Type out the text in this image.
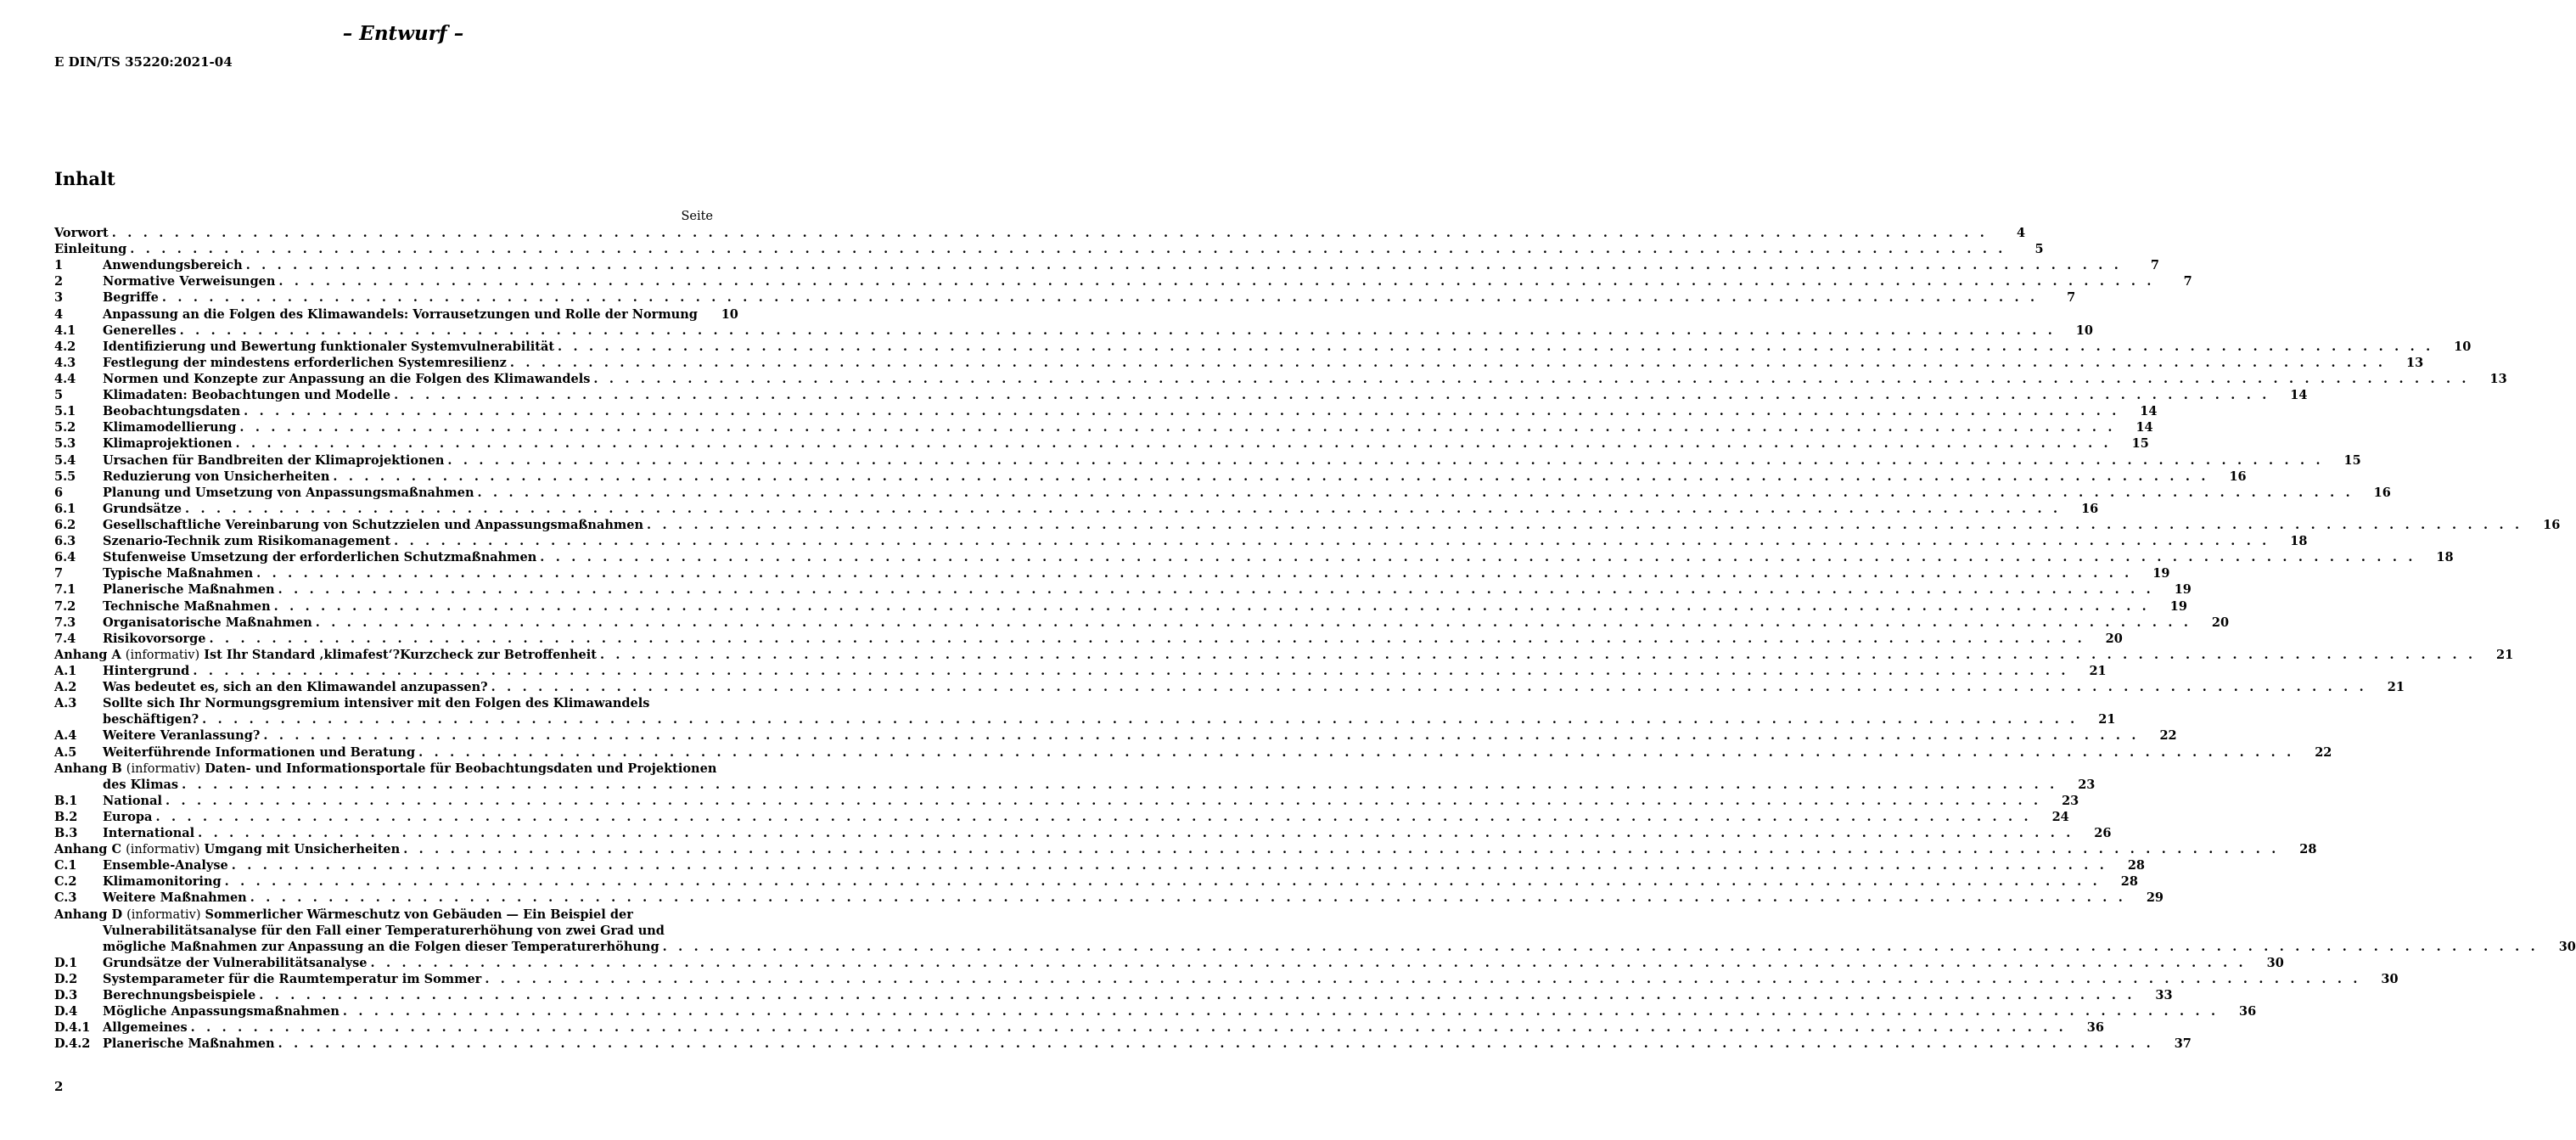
– Entwurf –
E DIN/TS 35220:2021-04
Inhalt
Seite
Vorwort . . . . . . . . . . . . . . . . . . . . . . . . . . . . . . . . . . . . . . . . . . . . . . . . . . . . . . . . . . . . . . . . . . . . . . . . . . . . . . . . . . . . . . . . . . . . . . . . . . . . . . . . . . . . . . . . . . . . . . . .	4
Einleitung . . . . . . . . . . . . . . . . . . . . . . . . . . . . . . . . . . . . . . . . . . . . . . . . . . . . . . . . . . . . . . . . . . . . . . . . . . . . . . . . . . . . . . . . . . . . . . . . . . . . . . . . . . . . . . . . . . . . . . . .	5
1	Anwendungsbereich . . . . . . . . . . . . . . . . . . . . . . . . . . . . . . . . . . . . . . . . . . . . . . . . . . . . . . . . . . . . . . . . . . . . . . . . . . . . . . . . . . . . . . . . . . . . . . . . . . . . . . . . . . . . . . . . . . . . . . . .	7
2	Normative Verweisungen . . . . . . . . . . . . . . . . . . . . . . . . . . . . . . . . . . . . . . . . . . . . . . . . . . . . . . . . . . . . . . . . . . . . . . . . . . . . . . . . . . . . . . . . . . . . . . . . . . . . . . . . . . . . . . . . . . . . . . . .	7
3	Begriffe . . . . . . . . . . . . . . . . . . . . . . . . . . . . . . . . . . . . . . . . . . . . . . . . . . . . . . . . . . . . . . . . . . . . . . . . . . . . . . . . . . . . . . . . . . . . . . . . . . . . . . . . . . . . . . . . . . . . . . . .	7
4	Anpassung an die Folgen des Klimawandels: Vorrausetzungen und Rolle der Normung	10
4.1	Generelles . . . . . . . . . . . . . . . . . . . . . . . . . . . . . . . . . . . . . . . . . . . . . . . . . . . . . . . . . . . . . . . . . . . . . . . . . . . . . . . . . . . . . . . . . . . . . . . . . . . . . . . . . . . . . . . . . . . . . . . .	10
4.2	Identifizierung und Bewertung funktionaler Systemvulnerabilität . . . . . . . . . . . . . . . . . . . . . . . . . . . . . . . . . . . . . . . . . . . . . . . . . . . . . . . . . . . . . . . . . . . . . . . . . . . . . . . . . . . . . . . . . . . . . . . . . . . . . . . . . . . . . . . . . . . . . . . .	10
4.3	Festlegung der mindestens erforderlichen Systemresilienz . . . . . . . . . . . . . . . . . . . . . . . . . . . . . . . . . . . . . . . . . . . . . . . . . . . . . . . . . . . . . . . . . . . . . . . . . . . . . . . . . . . . . . . . . . . . . . . . . . . . . . . . . . . . . . . . . . . . . . . .	13
4.4	Normen und Konzepte zur Anpassung an die Folgen des Klimawandels . . . . . . . . . . . . . . . . . . . . . . . . . . . . . . . . . . . . . . . . . . . . . . . . . . . . . . . . . . . . . . . . . . . . . . . . . . . . . . . . . . . . . . . . . . . . . . . . . . . . . . . . . . . . . . . . . . . . . . . .	13
5	Klimadaten: Beobachtungen und Modelle . . . . . . . . . . . . . . . . . . . . . . . . . . . . . . . . . . . . . . . . . . . . . . . . . . . . . . . . . . . . . . . . . . . . . . . . . . . . . . . . . . . . . . . . . . . . . . . . . . . . . . . . . . . . . . . . . . . . . . . .	14
5.1	Beobachtungsdaten . . . . . . . . . . . . . . . . . . . . . . . . . . . . . . . . . . . . . . . . . . . . . . . . . . . . . . . . . . . . . . . . . . . . . . . . . . . . . . . . . . . . . . . . . . . . . . . . . . . . . . . . . . . . . . . . . . . . . . . .	14
5.2	Klimamodellierung . . . . . . . . . . . . . . . . . . . . . . . . . . . . . . . . . . . . . . . . . . . . . . . . . . . . . . . . . . . . . . . . . . . . . . . . . . . . . . . . . . . . . . . . . . . . . . . . . . . . . . . . . . . . . . . . . . . . . . . .	14
5.3	Klimaprojektionen . . . . . . . . . . . . . . . . . . . . . . . . . . . . . . . . . . . . . . . . . . . . . . . . . . . . . . . . . . . . . . . . . . . . . . . . . . . . . . . . . . . . . . . . . . . . . . . . . . . . . . . . . . . . . . . . . . . . . . . .	15
5.4	Ursachen für Bandbreiten der Klimaprojektionen . . . . . . . . . . . . . . . . . . . . . . . . . . . . . . . . . . . . . . . . . . . . . . . . . . . . . . . . . . . . . . . . . . . . . . . . . . . . . . . . . . . . . . . . . . . . . . . . . . . . . . . . . . . . . . . . . . . . . . . .	15
5.5	Reduzierung von Unsicherheiten . . . . . . . . . . . . . . . . . . . . . . . . . . . . . . . . . . . . . . . . . . . . . . . . . . . . . . . . . . . . . . . . . . . . . . . . . . . . . . . . . . . . . . . . . . . . . . . . . . . . . . . . . . . . . . . . . . . . . . . .	16
6	Planung und Umsetzung von Anpassungsmaßnahmen . . . . . . . . . . . . . . . . . . . . . . . . . . . . . . . . . . . . . . . . . . . . . . . . . . . . . . . . . . . . . . . . . . . . . . . . . . . . . . . . . . . . . . . . . . . . . . . . . . . . . . . . . . . . . . . . . . . . . . . .	16
6.1	Grundsätze . . . . . . . . . . . . . . . . . . . . . . . . . . . . . . . . . . . . . . . . . . . . . . . . . . . . . . . . . . . . . . . . . . . . . . . . . . . . . . . . . . . . . . . . . . . . . . . . . . . . . . . . . . . . . . . . . . . . . . . .	16
6.2	Gesellschaftliche Vereinbarung von Schutzzielen und Anpassungsmaßnahmen . . . . . . . . . . . . . . . . . . . . . . . . . . . . . . . . . . . . . . . . . . . . . . . . . . . . . . . . . . . . . . . . . . . . . . . . . . . . . . . . . . . . . . . . . . . . . . . . . . . . . . . . . . . . . . . . . . . . . . . .	16
6.3	Szenario-Technik zum Risikomanagement . . . . . . . . . . . . . . . . . . . . . . . . . . . . . . . . . . . . . . . . . . . . . . . . . . . . . . . . . . . . . . . . . . . . . . . . . . . . . . . . . . . . . . . . . . . . . . . . . . . . . . . . . . . . . . . . . . . . . . . .	18
6.4	Stufenweise Umsetzung der erforderlichen Schutzmaßnahmen . . . . . . . . . . . . . . . . . . . . . . . . . . . . . . . . . . . . . . . . . . . . . . . . . . . . . . . . . . . . . . . . . . . . . . . . . . . . . . . . . . . . . . . . . . . . . . . . . . . . . . . . . . . . . . . . . . . . . . . .	18
7	Typische Maßnahmen . . . . . . . . . . . . . . . . . . . . . . . . . . . . . . . . . . . . . . . . . . . . . . . . . . . . . . . . . . . . . . . . . . . . . . . . . . . . . . . . . . . . . . . . . . . . . . . . . . . . . . . . . . . . . . . . . . . . . . . .	19
7.1	Planerische Maßnahmen . . . . . . . . . . . . . . . . . . . . . . . . . . . . . . . . . . . . . . . . . . . . . . . . . . . . . . . . . . . . . . . . . . . . . . . . . . . . . . . . . . . . . . . . . . . . . . . . . . . . . . . . . . . . . . . . . . . . . . . .	19
7.2	Technische Maßnahmen . . . . . . . . . . . . . . . . . . . . . . . . . . . . . . . . . . . . . . . . . . . . . . . . . . . . . . . . . . . . . . . . . . . . . . . . . . . . . . . . . . . . . . . . . . . . . . . . . . . . . . . . . . . . . . . . . . . . . . . .	19
7.3	Organisatorische Maßnahmen . . . . . . . . . . . . . . . . . . . . . . . . . . . . . . . . . . . . . . . . . . . . . . . . . . . . . . . . . . . . . . . . . . . . . . . . . . . . . . . . . . . . . . . . . . . . . . . . . . . . . . . . . . . . . . . . . . . . . . . .	20
7.4	Risikovorsorge . . . . . . . . . . . . . . . . . . . . . . . . . . . . . . . . . . . . . . . . . . . . . . . . . . . . . . . . . . . . . . . . . . . . . . . . . . . . . . . . . . . . . . . . . . . . . . . . . . . . . . . . . . . . . . . . . . . . . . . .	20
Anhang A (informativ) Ist Ihr Standard ‚klimafest‘?Kurzcheck zur Betroffenheit . . . . . . . . . . . . . . . . . . . . . . . . . . . . . . . . . . . . . . . . . . . . . . . . . . . . . . . . . . . . . . . . . . . . . . . . . . . . . . . . . . . . . . . . . . . . . . . . . . . . . . . . . . . . . . . . . . . . . . . .	21
A.1	Hintergrund . . . . . . . . . . . . . . . . . . . . . . . . . . . . . . . . . . . . . . . . . . . . . . . . . . . . . . . . . . . . . . . . . . . . . . . . . . . . . . . . . . . . . . . . . . . . . . . . . . . . . . . . . . . . . . . . . . . . . . . .	21
A.2	Was bedeutet es, sich an den Klimawandel anzupassen? . . . . . . . . . . . . . . . . . . . . . . . . . . . . . . . . . . . . . . . . . . . . . . . . . . . . . . . . . . . . . . . . . . . . . . . . . . . . . . . . . . . . . . . . . . . . . . . . . . . . . . . . . . . . . . . . . . . . . . . .	21
A.3	Sollte sich Ihr Normungsgremium intensiver mit den Folgen des Klimawandels
beschäftigen? . . . . . . . . . . . . . . . . . . . . . . . . . . . . . . . . . . . . . . . . . . . . . . . . . . . . . . . . . . . . . . . . . . . . . . . . . . . . . . . . . . . . . . . . . . . . . . . . . . . . . . . . . . . . . . . . . . . . . . . .	21
A.4	Weitere Veranlassung? . . . . . . . . . . . . . . . . . . . . . . . . . . . . . . . . . . . . . . . . . . . . . . . . . . . . . . . . . . . . . . . . . . . . . . . . . . . . . . . . . . . . . . . . . . . . . . . . . . . . . . . . . . . . . . . . . . . . . . . .	22
A.5	Weiterführende Informationen und Beratung . . . . . . . . . . . . . . . . . . . . . . . . . . . . . . . . . . . . . . . . . . . . . . . . . . . . . . . . . . . . . . . . . . . . . . . . . . . . . . . . . . . . . . . . . . . . . . . . . . . . . . . . . . . . . . . . . . . . . . . .	22
Anhang B (informativ) Daten- und Informationsportale für Beobachtungsdaten und Projektionen
des Klimas . . . . . . . . . . . . . . . . . . . . . . . . . . . . . . . . . . . . . . . . . . . . . . . . . . . . . . . . . . . . . . . . . . . . . . . . . . . . . . . . . . . . . . . . . . . . . . . . . . . . . . . . . . . . . . . . . . . . . . . .	23
B.1	National . . . . . . . . . . . . . . . . . . . . . . . . . . . . . . . . . . . . . . . . . . . . . . . . . . . . . . . . . . . . . . . . . . . . . . . . . . . . . . . . . . . . . . . . . . . . . . . . . . . . . . . . . . . . . . . . . . . . . . . .	23
B.2	Europa . . . . . . . . . . . . . . . . . . . . . . . . . . . . . . . . . . . . . . . . . . . . . . . . . . . . . . . . . . . . . . . . . . . . . . . . . . . . . . . . . . . . . . . . . . . . . . . . . . . . . . . . . . . . . . . . . . . . . . . .	24
B.3	International . . . . . . . . . . . . . . . . . . . . . . . . . . . . . . . . . . . . . . . . . . . . . . . . . . . . . . . . . . . . . . . . . . . . . . . . . . . . . . . . . . . . . . . . . . . . . . . . . . . . . . . . . . . . . . . . . . . . . . . .	26
Anhang C (informativ) Umgang mit Unsicherheiten . . . . . . . . . . . . . . . . . . . . . . . . . . . . . . . . . . . . . . . . . . . . . . . . . . . . . . . . . . . . . . . . . . . . . . . . . . . . . . . . . . . . . . . . . . . . . . . . . . . . . . . . . . . . . . . . . . . . . . . .	28
C.1	Ensemble-Analyse . . . . . . . . . . . . . . . . . . . . . . . . . . . . . . . . . . . . . . . . . . . . . . . . . . . . . . . . . . . . . . . . . . . . . . . . . . . . . . . . . . . . . . . . . . . . . . . . . . . . . . . . . . . . . . . . . . . . . . . .	28
C.2	Klimamonitoring . . . . . . . . . . . . . . . . . . . . . . . . . . . . . . . . . . . . . . . . . . . . . . . . . . . . . . . . . . . . . . . . . . . . . . . . . . . . . . . . . . . . . . . . . . . . . . . . . . . . . . . . . . . . . . . . . . . . . . . .	28
C.3	Weitere Maßnahmen . . . . . . . . . . . . . . . . . . . . . . . . . . . . . . . . . . . . . . . . . . . . . . . . . . . . . . . . . . . . . . . . . . . . . . . . . . . . . . . . . . . . . . . . . . . . . . . . . . . . . . . . . . . . . . . . . . . . . . . .	29
Anhang D (informativ) Sommerlicher Wärmeschutz von Gebäuden — Ein Beispiel der
Vulnerabilitätsanalyse für den Fall einer Temperaturerhöhung von zwei Grad und
mögliche Maßnahmen zur Anpassung an die Folgen dieser Temperaturerhöhung . . . . . . . . . . . . . . . . . . . . . . . . . . . . . . . . . . . . . . . . . . . . . . . . . . . . . . . . . . . . . . . . . . . . . . . . . . . . . . . . . . . . . . . . . . . . . . . . . . . . . . . . . . . . . . . . . . . . . . . .	30
D.1	Grundsätze der Vulnerabilitätsanalyse . . . . . . . . . . . . . . . . . . . . . . . . . . . . . . . . . . . . . . . . . . . . . . . . . . . . . . . . . . . . . . . . . . . . . . . . . . . . . . . . . . . . . . . . . . . . . . . . . . . . . . . . . . . . . . . . . . . . . . . .	30
D.2	Systemparameter für die Raumtemperatur im Sommer . . . . . . . . . . . . . . . . . . . . . . . . . . . . . . . . . . . . . . . . . . . . . . . . . . . . . . . . . . . . . . . . . . . . . . . . . . . . . . . . . . . . . . . . . . . . . . . . . . . . . . . . . . . . . . . . . . . . . . . .	30
D.3	Berechnungsbeispiele . . . . . . . . . . . . . . . . . . . . . . . . . . . . . . . . . . . . . . . . . . . . . . . . . . . . . . . . . . . . . . . . . . . . . . . . . . . . . . . . . . . . . . . . . . . . . . . . . . . . . . . . . . . . . . . . . . . . . . . .	33
D.4	Mögliche Anpassungsmaßnahmen . . . . . . . . . . . . . . . . . . . . . . . . . . . . . . . . . . . . . . . . . . . . . . . . . . . . . . . . . . . . . . . . . . . . . . . . . . . . . . . . . . . . . . . . . . . . . . . . . . . . . . . . . . . . . . . . . . . . . . . .	36
D.4.1	Allgemeines . . . . . . . . . . . . . . . . . . . . . . . . . . . . . . . . . . . . . . . . . . . . . . . . . . . . . . . . . . . . . . . . . . . . . . . . . . . . . . . . . . . . . . . . . . . . . . . . . . . . . . . . . . . . . . . . . . . . . . . .	36
D.4.2	Planerische Maßnahmen . . . . . . . . . . . . . . . . . . . . . . . . . . . . . . . . . . . . . . . . . . . . . . . . . . . . . . . . . . . . . . . . . . . . . . . . . . . . . . . . . . . . . . . . . . . . . . . . . . . . . . . . . . . . . . . . . . . . . . . .	37
2
